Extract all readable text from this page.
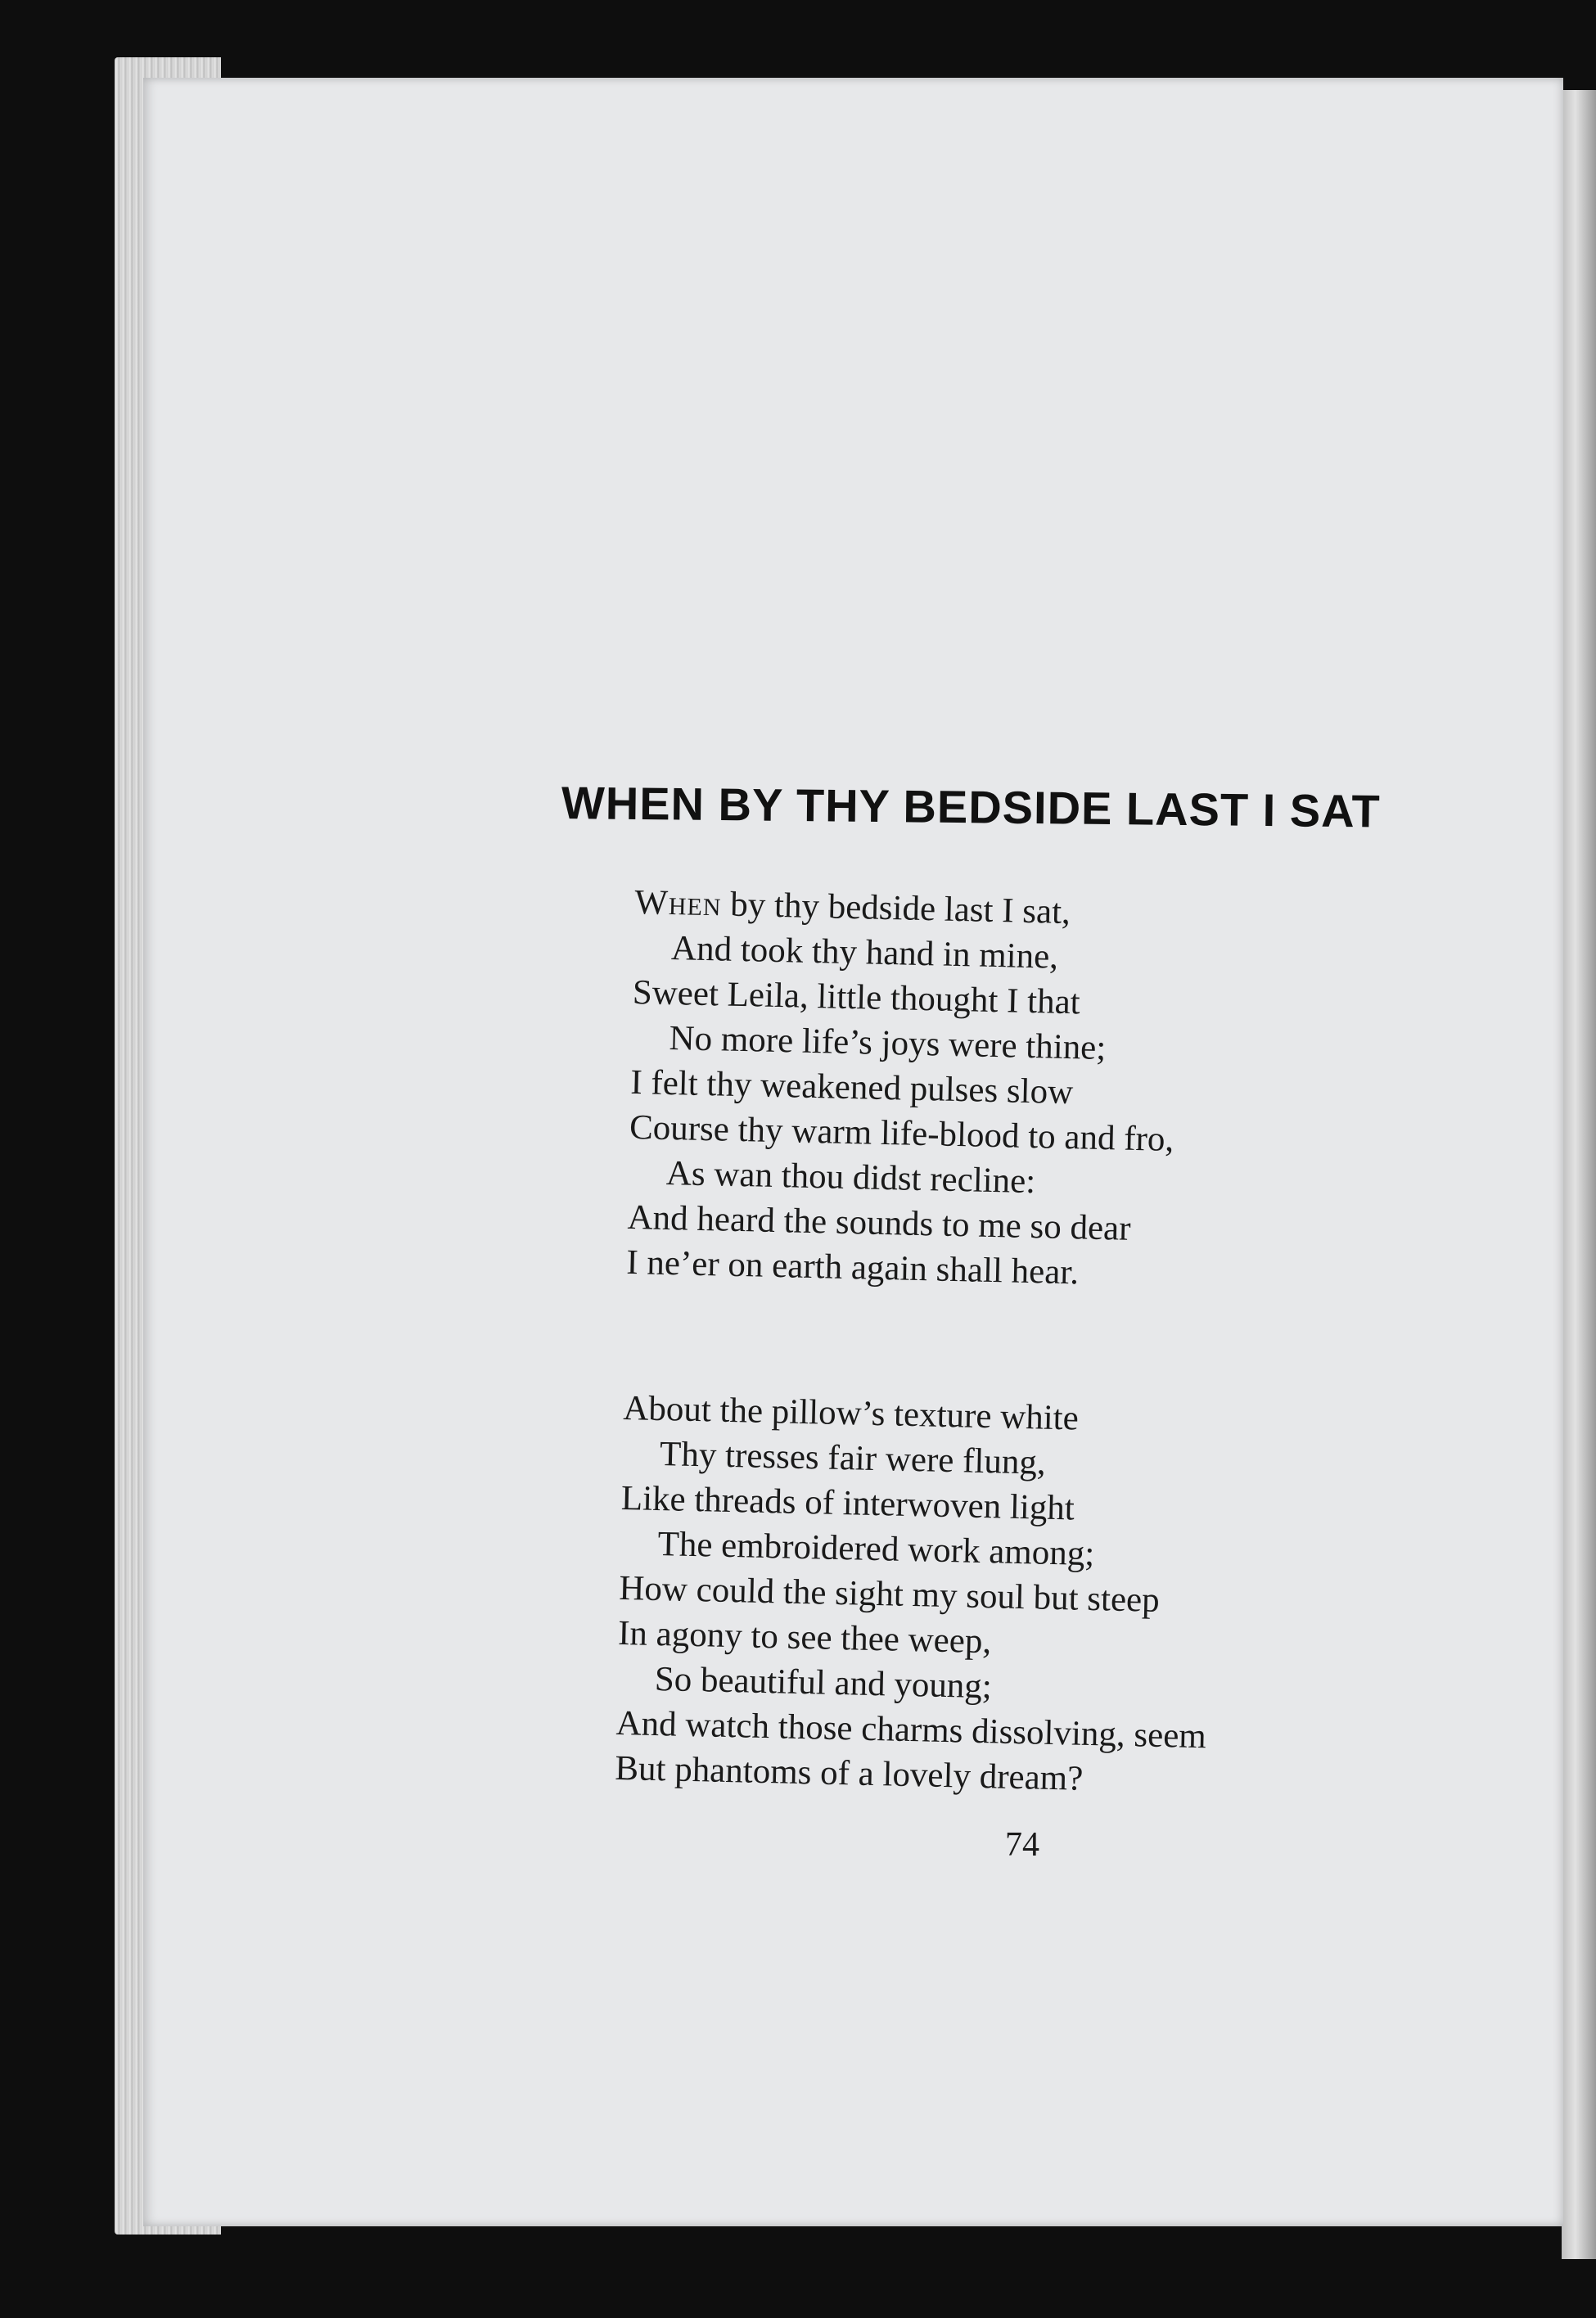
WHEN BY THY BEDSIDE LAST I SAT
When by thy bedside last I sat,
And took thy hand in mine,
Sweet Leila, little thought I that
No more life’s joys were thine;
I felt thy weakened pulses slow
Course thy warm life-blood to and fro,
As wan thou didst recline:
And heard the sounds to me so dear
I ne’er on earth again shall hear.
About the pillow’s texture white
Thy tresses fair were flung,
Like threads of interwoven light
The embroidered work among;
How could the sight my soul but steep
In agony to see thee weep,
So beautiful and young;
And watch those charms dissolving, seem
But phantoms of a lovely dream?
74
